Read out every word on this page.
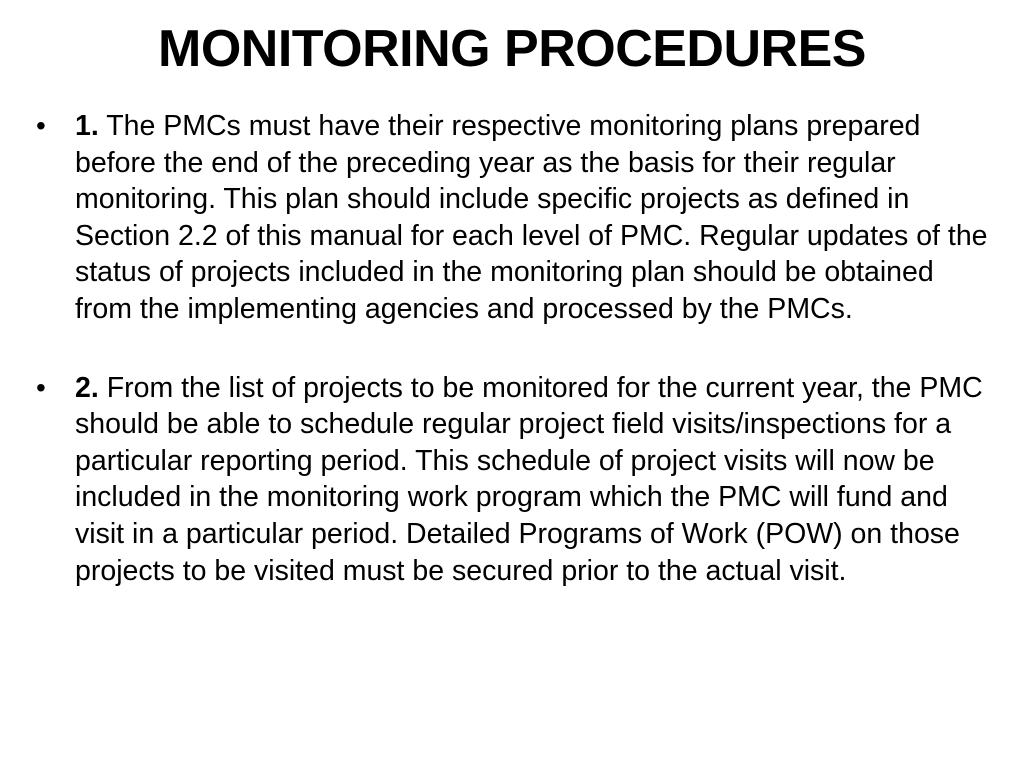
MONITORING PROCEDURES
• 1. The PMCs must have their respective monitoring plans prepared before the end of the preceding year as the basis for their regular monitoring. This plan should include specific projects as defined in Section 2.2 of this manual for each level of PMC. Regular updates of the status of projects included in the monitoring plan should be obtained from the implementing agencies and processed by the PMCs.
• 2. From the list of projects to be monitored for the current year, the PMC should be able to schedule regular project field visits/inspections for a particular reporting period. This schedule of project visits will now be included in the monitoring work program which the PMC will fund and visit in a particular period. Detailed Programs of Work (POW) on those projects to be visited must be secured prior to the actual visit.
